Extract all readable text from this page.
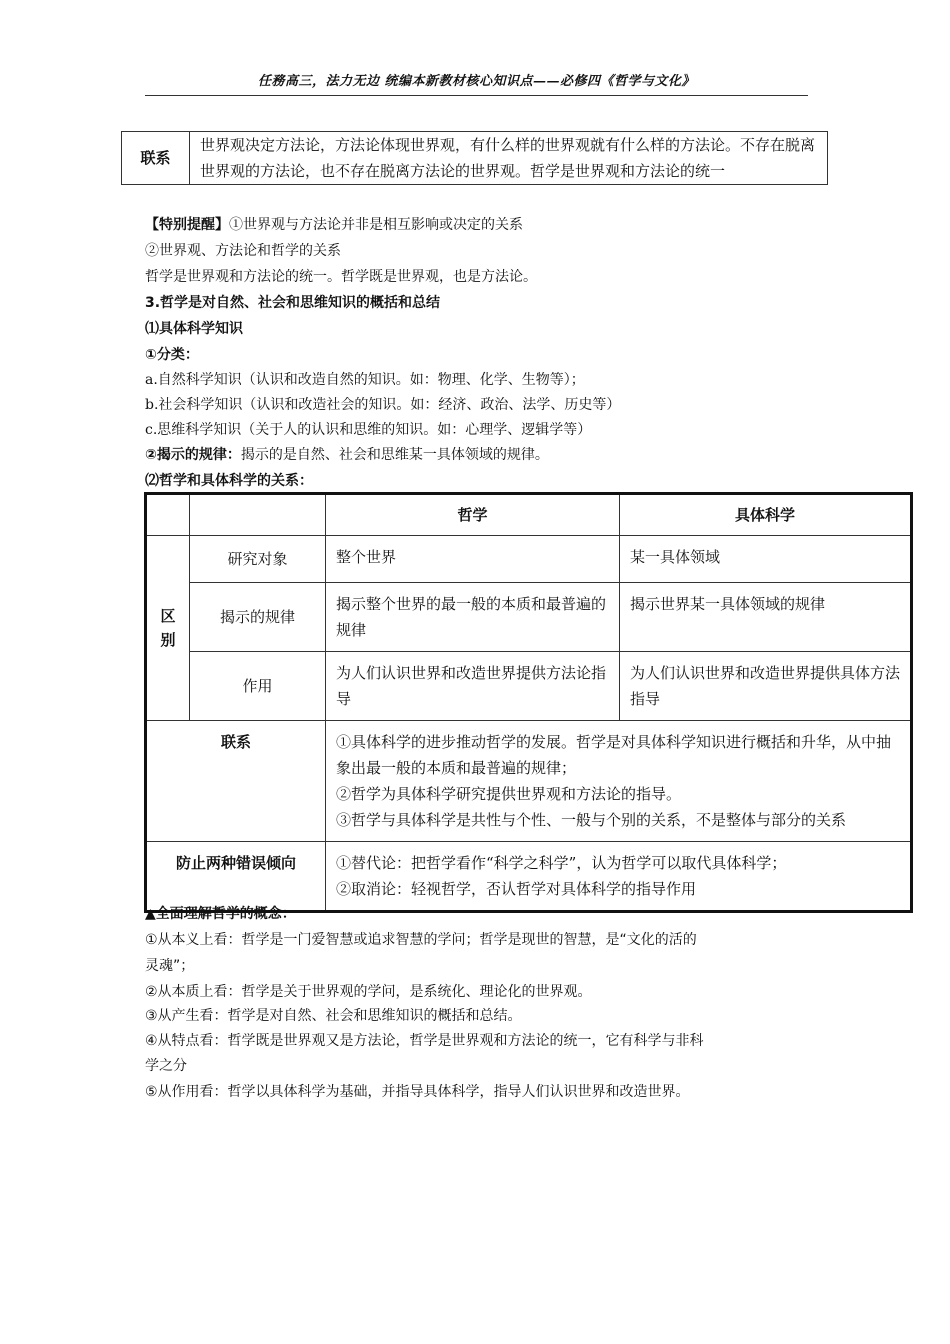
任務高三，法力无边 统编本新教材核心知识点——必修四《哲学与文化》
联系	世界观决定方法论，方法论体现世界观，有什么样的世界观就有什么样的方法论。不存在脱离世界观的方法论，也不存在脱离方法论的世界观。哲学是世界观和方法论的统一
【特别提醒】①世界观与方法论并非是相互影响或决定的关系
②世界观、方法论和哲学的关系
哲学是世界观和方法论的统一。哲学既是世界观，也是方法论。
3.哲学是对自然、社会和思维知识的概括和总结
⑴具体科学知识
①分类：
a.自然科学知识（认识和改造自然的知识。如：物理、化学、生物等）；
b.社会科学知识（认识和改造社会的知识。如：经济、政治、法学、历史等）
c.思维科学知识（关于人的认识和思维的知识。如：心理学、逻辑学等）
②揭示的规律：揭示的是自然、社会和思维某一具体领域的规律。
⑵哲学和具体科学的关系：
		哲学	具体科学

区
别	研究对象	整个世界	某一具体领域
	揭示的规律	揭示整个世界的最一般的本质和最普遍的规律	揭示世界某一具体领域的规律
	作用	为人们认识世界和改造世界提供方法论指导	为人们认识世界和改造世界提供具体方法指导
联系		①具体科学的进步推动哲学的发展。哲学是对具体科学知识进行概括和升华，从中抽象出最一般的本质和最普遍的规律；
②哲学为具体科学研究提供世界观和方法论的指导。
③哲学与具体科学是共性与个性、一般与个别的关系，不是整体与部分的关系	

防止两种错误倾向		①替代论：把哲学看作“科学之科学”，认为哲学可以取代具体科学；
②取消论：轻视哲学，否认哲学对具体科学的指导作用	
▲全面理解哲学的概念：
①从本义上看：哲学是一门爱智慧或追求智慧的学问；哲学是现世的智慧，是“文化的活的
灵魂”；
②从本质上看：哲学是关于世界观的学问，是系统化、理论化的世界观。
③从产生看：哲学是对自然、社会和思维知识的概括和总结。
④从特点看：哲学既是世界观又是方法论，哲学是世界观和方法论的统一，它有科学与非科
学之分
⑤从作用看：哲学以具体科学为基础，并指导具体科学，指导人们认识世界和改造世界。
